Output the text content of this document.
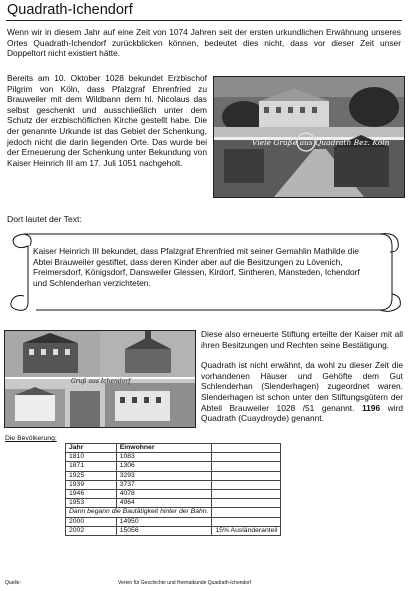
Quadrath-Ichendorf
Wenn wir in diesem Jahr auf eine Zeit von 1074 Jahren seit der ersten urkundlichen Erwähnung unseres Ortes Quadrath-Ichendorf zurückblicken können, bedeutet dies nicht, dass vor dieser Zeit unser Doppeltort nicht existiert hätte.
Bereits am 10. Oktober 1028 bekundet Erzbischof Pilgrim von Köln, dass Pfalzgraf Ehrenfried zu Brauweiler mit dem Wildbann dem hl. Nicolaus das selbst geschenkt und ausschließlich unter dem Schutz der erzbischöflichen Kirche gestellt habe. Die der genannte Urkunde ist das Gebiet der Schenkung, jedoch nicht die darin liegenden Orte. Das wurde bei der Erneuerung der Schenkung unter Bekundung von Kaiser Heinrich III am 17. Juli 1051 nachgeholt.
Viele Grüße aus Quadrath Bez. Köln
Dort lautet der Text:
Kaiser Heinrich III bekundet, dass Pfalzgraf Ehrenfried mit seiner Gemahlin Mathilde die Abtei Brauweiler gestiftet, dass deren Kinder aber auf die Besitzungen zu Lövenich, Freimersdorf, Königsdorf, Dansweiler Glessen, Kirdorf, Sintheren, Mansteden, Ichendorf und Schlenderhan verzichteten.
Gruß aus Ichendorf

Diese also erneuerte Stiftung erteilte der Kaiser mit all ihren Besitzungen und Rechten seine Bestätigung.

Quadrath ist nicht erwähnt, da wohl zu dieser Zeit die vorhandenen Häuser und Gehöfte dem Gut Schlenderhan (Slenderhagen) zugeordnet waren. Slenderhagen ist schon unter den Stiftungsgütern der Abteil Brauweiler 1028 /51 genannt. 1196 wird Quadrath (Cuaydroyde) genannt.

Die Bevölkerung:
Jahr	Einwohner	
1810	1083	
1871	1306	
1925	3293	
1939	3737	
1946	4078	
1953	4964	
Dann begann die Bautätigkeit hinter der Bahn.		
2000	14950	
2002	15056	15% Ausländeranteil
Quelle:	Verein für Geschichte und Heimatkunde Quadrath-Ichendorf
